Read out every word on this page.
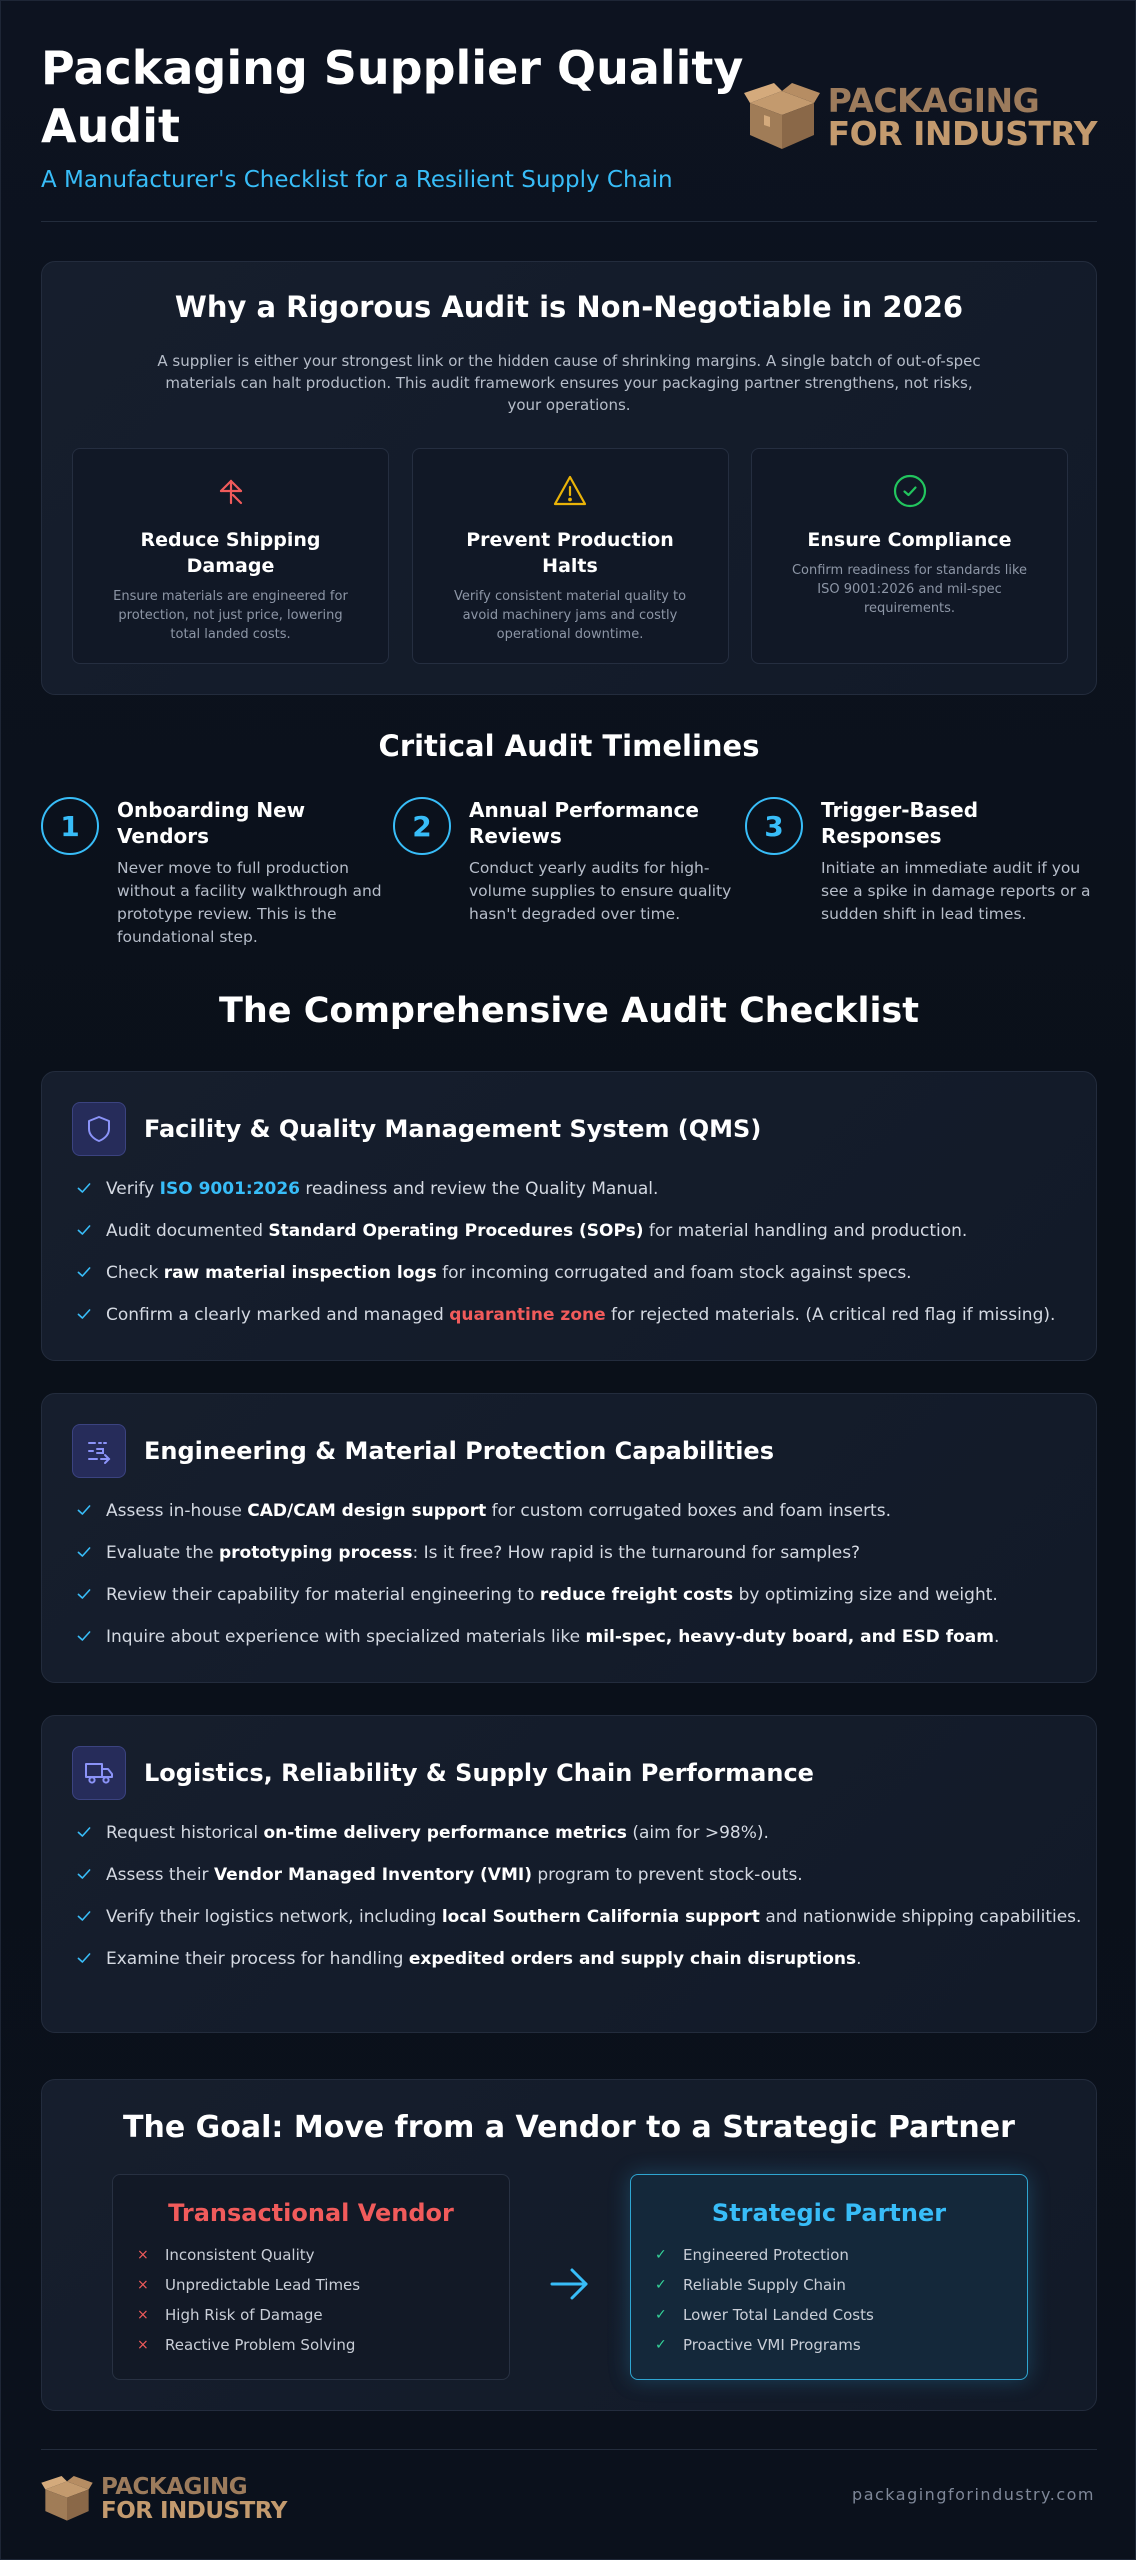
Packaging Supplier Quality Audit
A Manufacturer's Checklist for a Resilient Supply Chain
PACKAGING
FOR INDUSTRY
Why a Rigorous Audit is Non-Negotiable in 2026
A supplier is either your strongest link or the hidden cause of shrinking margins. A single batch of out-of-spec materials can halt production. This audit framework ensures your packaging partner strengthens, not risks, your operations.
Reduce Shipping Damage
Ensure materials are engineered for protection, not just price, lowering total landed costs.
Prevent Production Halts
Verify consistent material quality to avoid machinery jams and costly operational downtime.
Ensure Compliance
Confirm readiness for standards like ISO 9001:2026 and mil-spec requirements.
Critical Audit Timelines
1	Onboarding New Vendors
Never move to full production without a facility walkthrough and prototype review. This is the foundational step.
2	Annual Performance Reviews
Conduct yearly audits for high-volume supplies to ensure quality hasn't degraded over time.
3	Trigger-Based Responses
Initiate an immediate audit if you see a spike in damage reports or a sudden shift in lead times.
The Comprehensive Audit Checklist
Facility & Quality Management System (QMS)
Verify ISO 9001:2026 readiness and review the Quality Manual.
Audit documented Standard Operating Procedures (SOPs) for material handling and production.
Check raw material inspection logs for incoming corrugated and foam stock against specs.
Confirm a clearly marked and managed quarantine zone for rejected materials. (A critical red flag if missing).
Engineering & Material Protection Capabilities
Assess in-house CAD/CAM design support for custom corrugated boxes and foam inserts.
Evaluate the prototyping process: Is it free? How rapid is the turnaround for samples?
Review their capability for material engineering to reduce freight costs by optimizing size and weight.
Inquire about experience with specialized materials like mil-spec, heavy-duty board, and ESD foam.
Logistics, Reliability & Supply Chain Performance
Request historical on-time delivery performance metrics (aim for >98%).
Assess their Vendor Managed Inventory (VMI) program to prevent stock-outs.
Verify their logistics network, including local Southern California support and nationwide shipping capabilities.
Examine their process for handling expedited orders and supply chain disruptions.
The Goal: Move from a Vendor to a Strategic Partner
Transactional Vendor
×	Inconsistent Quality
×	Unpredictable Lead Times
×	High Risk of Damage
×	Reactive Problem Solving
Strategic Partner
✓	Engineered Protection
✓	Reliable Supply Chain
✓	Lower Total Landed Costs
✓	Proactive VMI Programs
PACKAGING
FOR INDUSTRY
packagingforindustry.com
